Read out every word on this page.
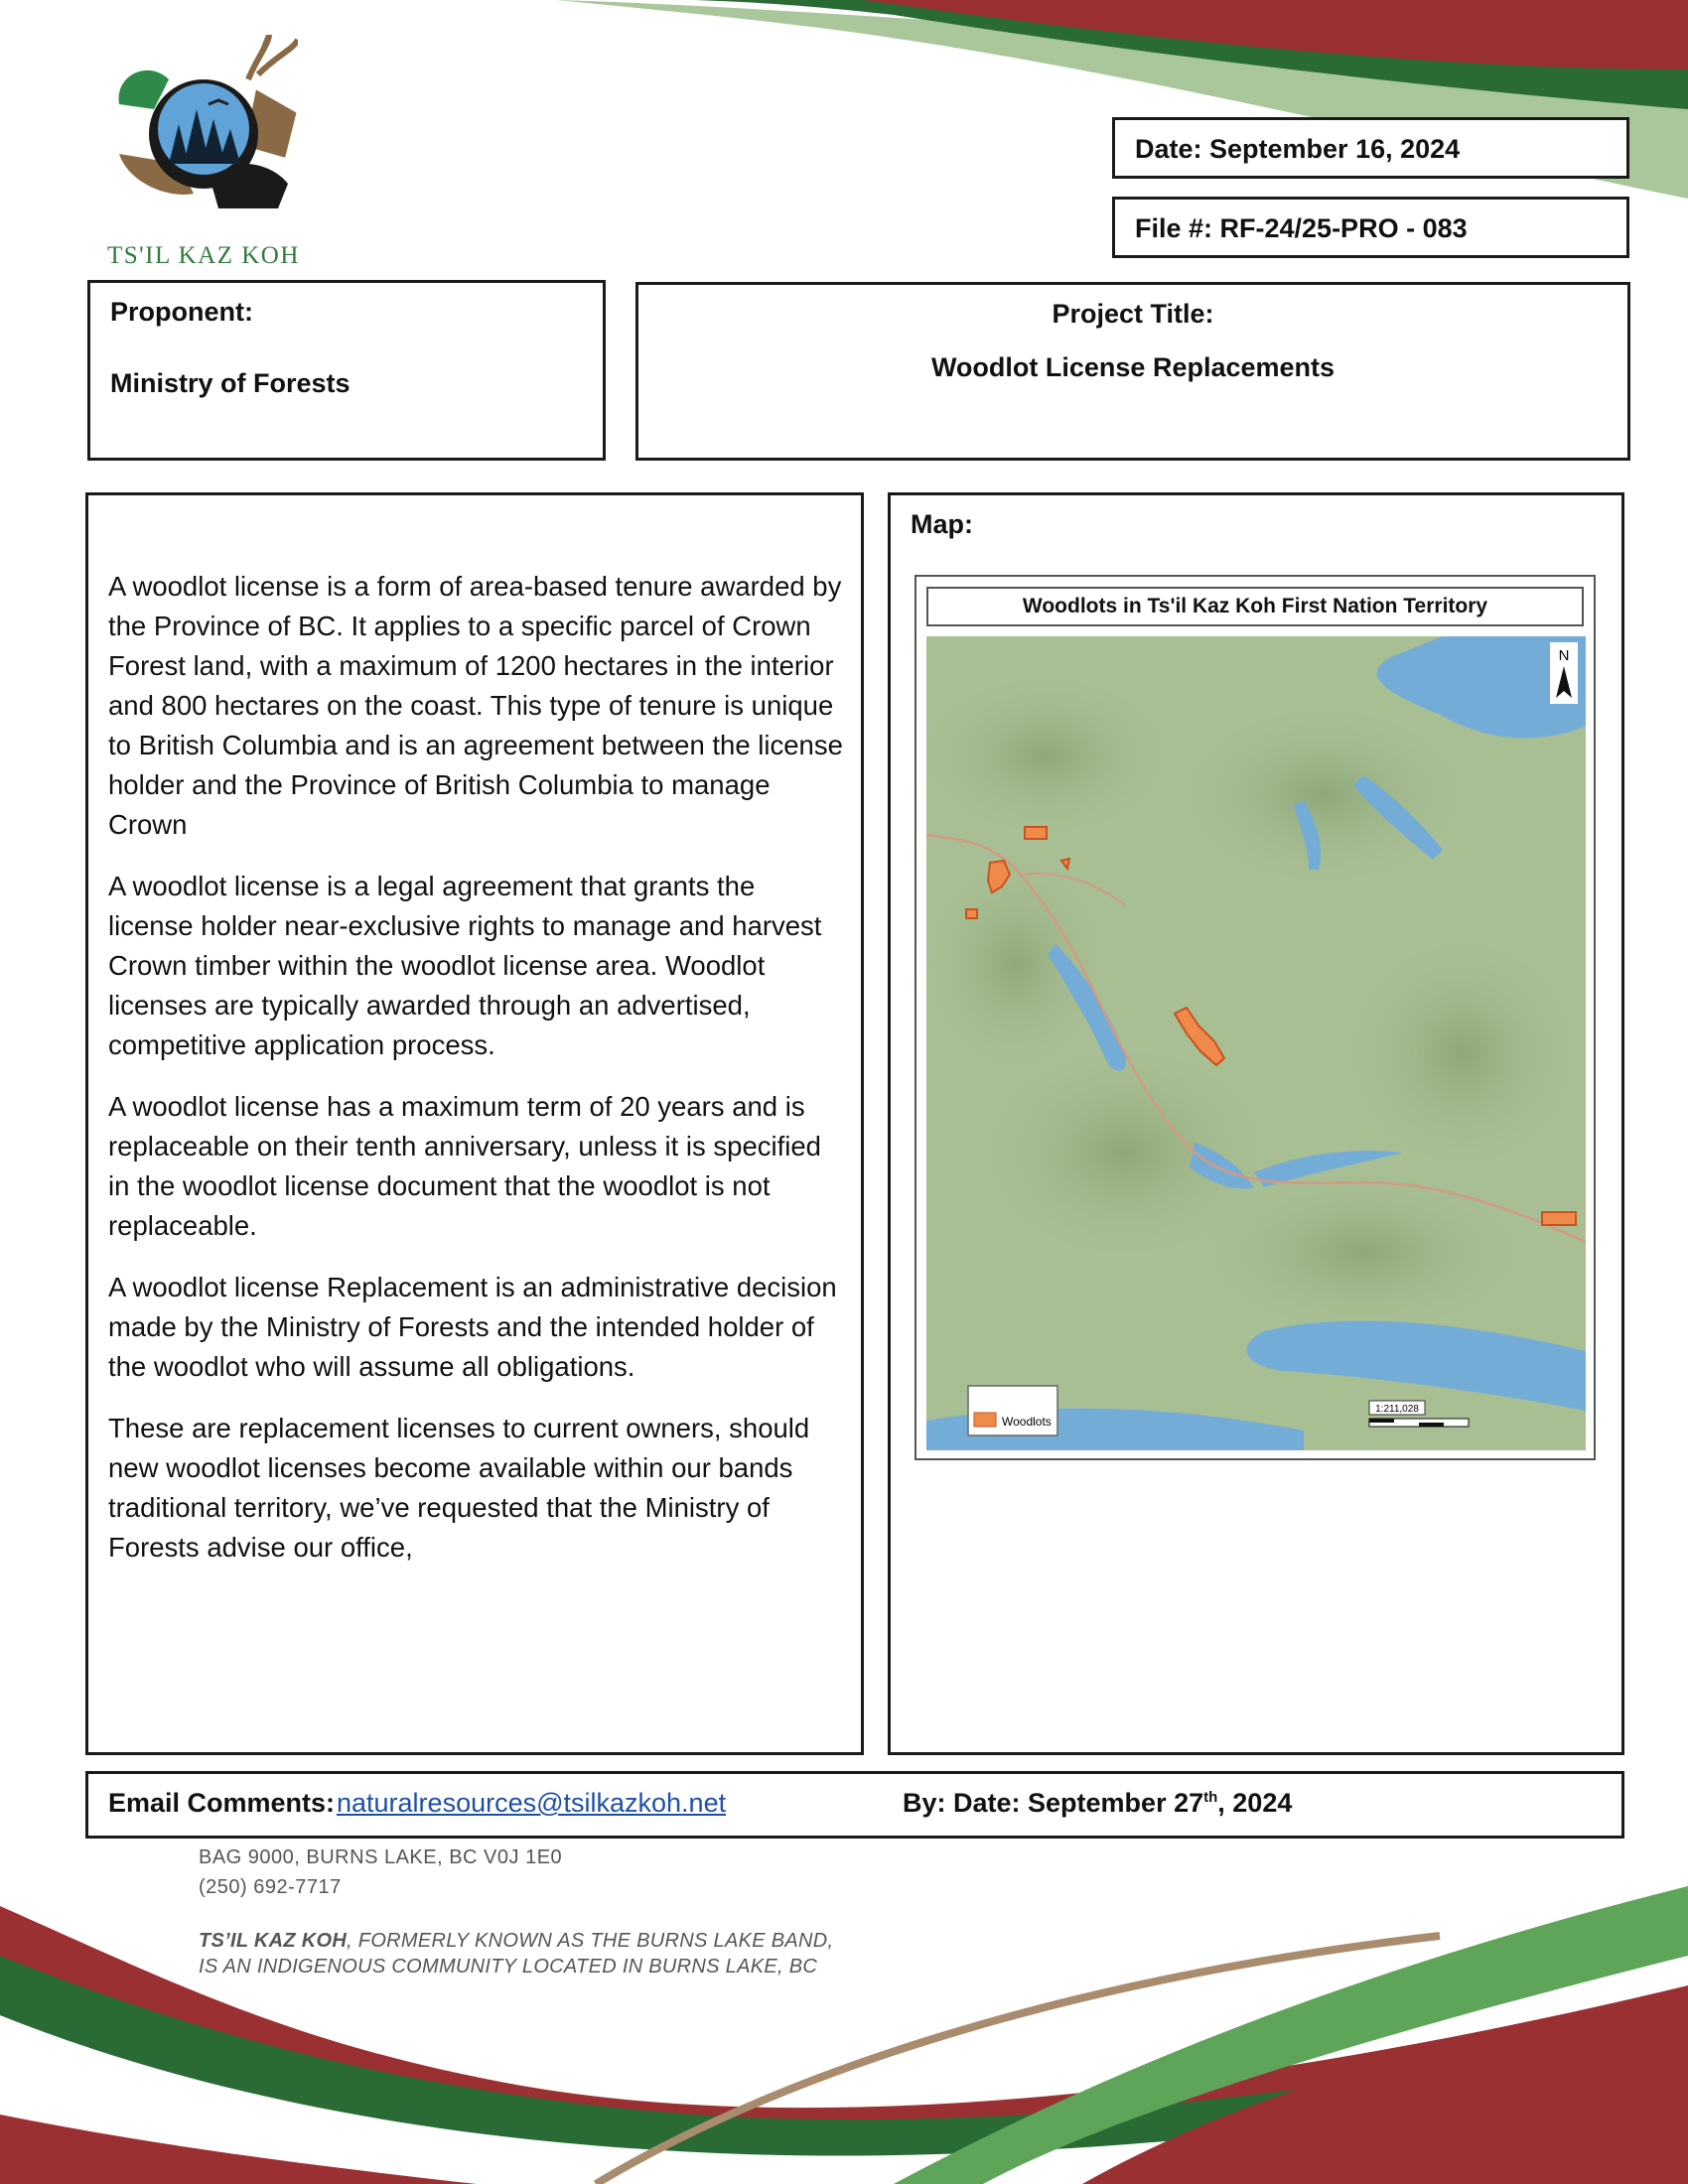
TS'IL KAZ KOH
Date: September 16, 2024
File #: RF-24/25-PRO - 083
Proponent:
Ministry of Forests
Project Title:
Woodlot License Replacements

A woodlot license is a form of area-based tenure awarded by the Province of BC. It applies to a specific parcel of Crown Forest land, with a maximum of 1200 hectares in the interior and 800 hectares on the coast. This type of tenure is unique to British Columbia and is an agreement between the license holder and the Province of British Columbia to manage Crown

A woodlot license is a legal agreement that grants the license holder near-exclusive rights to manage and harvest Crown timber within the woodlot license area. Woodlot licenses are typically awarded through an advertised, competitive application process.

A woodlot license has a maximum term of 20 years and is replaceable on their tenth anniversary, unless it is specified in the woodlot license document that the woodlot is not replaceable.

A woodlot license Replacement is an administrative decision made by the Ministry of Forests and the intended holder of the woodlot who will assume all obligations.

These are replacement licenses to current owners, should new woodlot licenses become available within our bands traditional territory, we’ve requested that the Ministry of Forests advise our office,

Map:
Woodlots in Ts'il Kaz Koh First Nation Territory
N
Woodlots
1:211,028
Email Comments: naturalresources@tsilkazkoh.net	By: Date: September 27th, 2024
BAG 9000, BURNS LAKE, BC V0J 1E0
(250) 692-7717
TS’IL KAZ KOH, FORMERLY KNOWN AS THE BURNS LAKE BAND,
IS AN INDIGENOUS COMMUNITY LOCATED IN BURNS LAKE, BC
